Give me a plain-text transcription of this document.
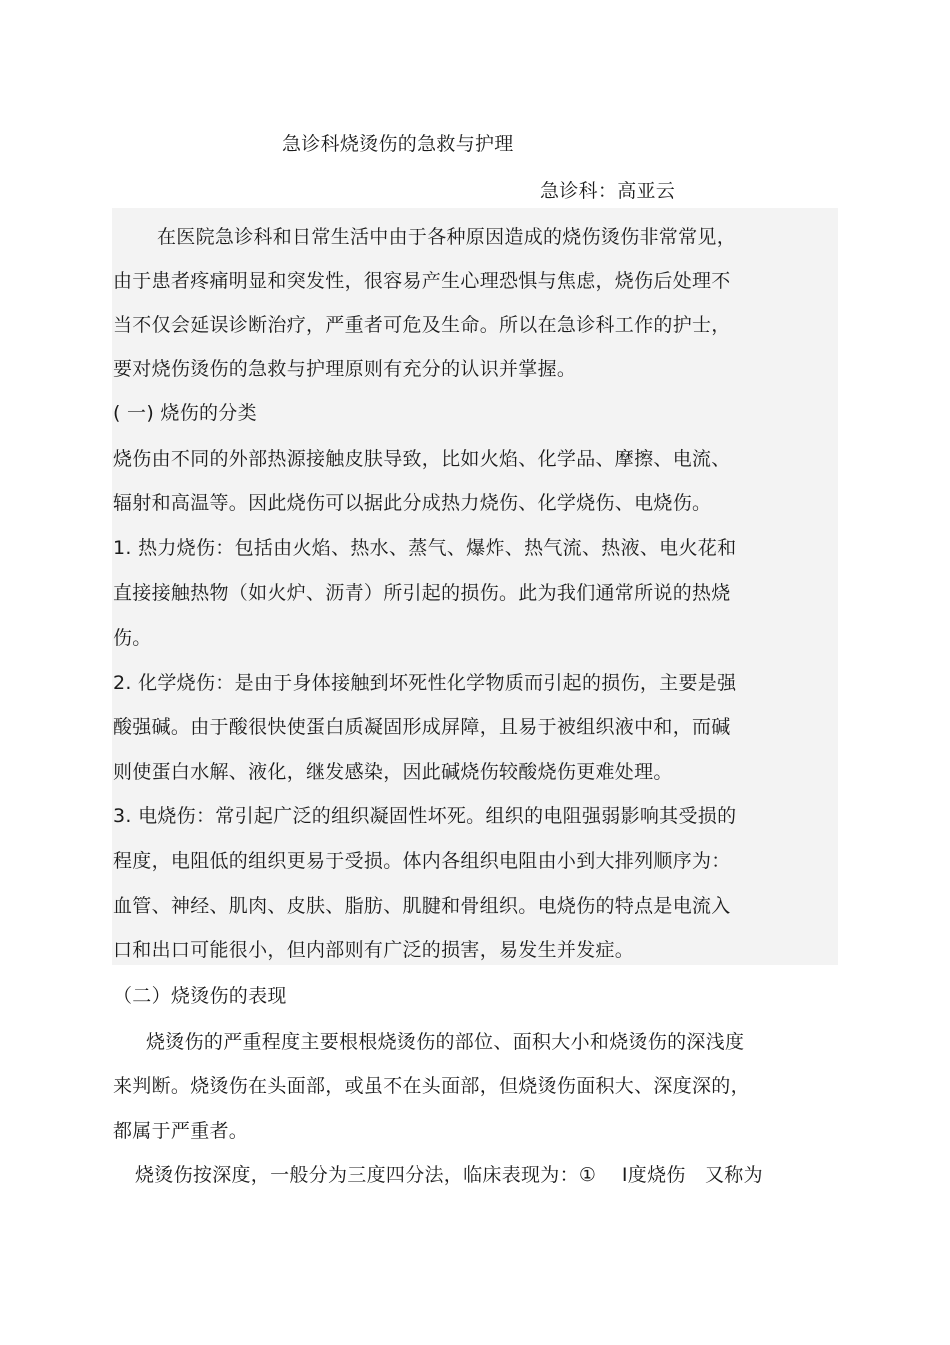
急诊科烧烫伤的急救与护理
急诊科：高亚云
在医院急诊科和日常生活中由于各种原因造成的烧伤烫伤非常常见，
由于患者疼痛明显和突发性，很容易产生心理恐惧与焦虑，烧伤后处理不
当不仅会延误诊断治疗，严重者可危及生命。所以在急诊科工作的护士，
要对烧伤烫伤的急救与护理原则有充分的认识并掌握。
( 一) 烧伤的分类
烧伤由不同的外部热源接触皮肤导致，比如火焰、化学品、摩擦、电流、
辐射和高温等。因此烧伤可以据此分成热力烧伤、化学烧伤、电烧伤。
1. 热力烧伤：包括由火焰、热水、蒸气、爆炸、热气流、热液、电火花和
直接接触热物（如火炉、沥青）所引起的损伤。此为我们通常所说的热烧
伤。
2. 化学烧伤：是由于身体接触到坏死性化学物质而引起的损伤，主要是强
酸强碱。由于酸很快使蛋白质凝固形成屏障，且易于被组织液中和，而碱
则使蛋白水解、液化，继发感染，因此碱烧伤较酸烧伤更难处理。
3. 电烧伤：常引起广泛的组织凝固性坏死。组织的电阻强弱影响其受损的
程度，电阻低的组织更易于受损。体内各组织电阻由小到大排列顺序为：
血管、神经、肌肉、皮肤、脂肪、肌腱和骨组织。电烧伤的特点是电流入
口和出口可能很小，但内部则有广泛的损害，易发生并发症。
（二）烧烫伤的表现
烧烫伤的严重程度主要根根烧烫伤的部位、面积大小和烧烫伤的深浅度
来判断。烧烫伤在头面部，或虽不在头面部，但烧烫伤面积大、深度深的，
都属于严重者。
烧烫伤按深度，一般分为三度四分法，临床表现为：①　 Ⅰ度烧伤　又称为
